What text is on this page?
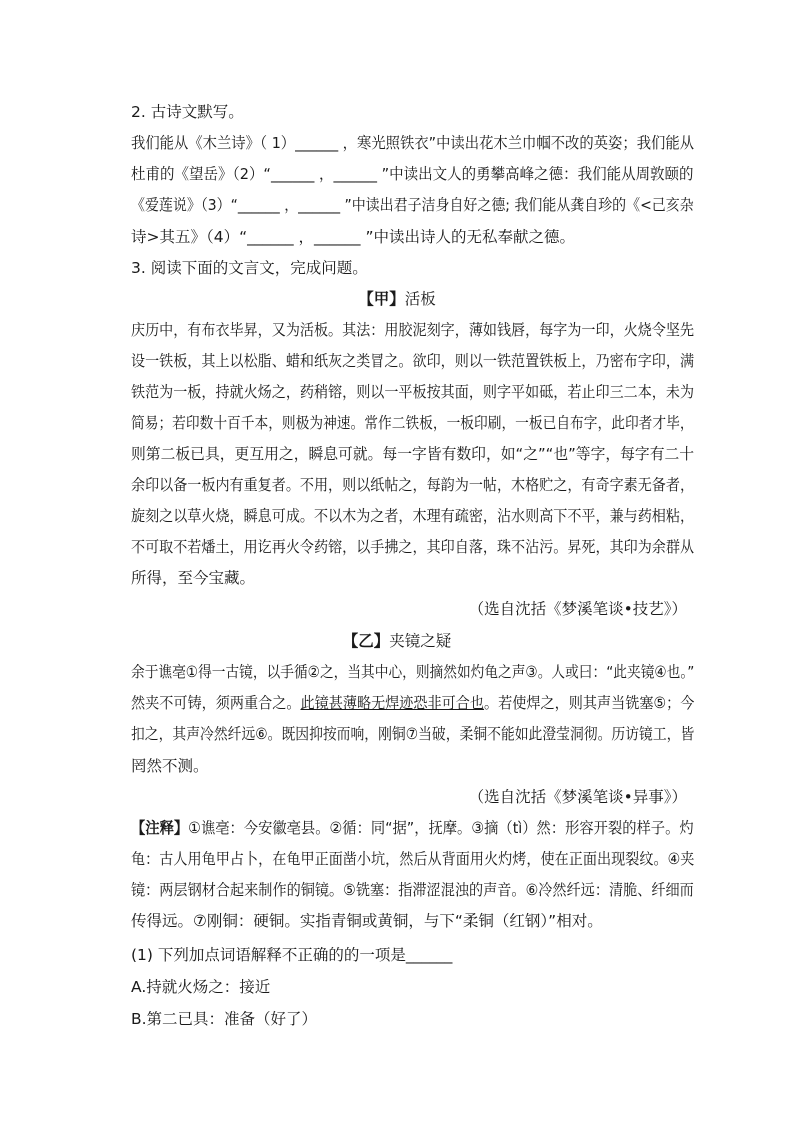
2. 古诗文默写。
我们能从《木兰诗》（ 1）______ ，寒光照铁衣”中读出花木兰巾帼不改的英姿；我们能从
杜甫的《望岳》（2）“______ ，______ ”中读出文人的勇攀高峰之德：我们能从周敦颐的
《爱莲说》（3）“______ ，______ ”中读出君子洁身自好之德; 我们能从龚自珍的《<己亥杂
诗>其五》（4）“______ ，______ ”中读出诗人的无私奉献之德。
3. 阅读下面的文言文，完成问题。
【甲】活板
庆历中，有布衣毕昇，又为活板。其法：用胶泥刻字，薄如钱唇，每字为一印，火烧令坚先
设一铁板，其上以松脂、蜡和纸灰之类冒之。欲印，则以一铁范置铁板上，乃密布字印，满
铁范为一板，持就火炀之，药稍镕，则以一平板按其面，则字平如砥，若止印三二本，未为
简易；若印数十百千本，则极为神速。常作二铁板，一板印刷，一板已自布字，此印者才毕，
则第二板已具，更互用之，瞬息可就。每一字皆有数印，如“之”“也”等字，每字有二十
余印以备一板内有重复者。不用，则以纸帖之，每韵为一帖，木格贮之，有奇字素无备者，
旋刻之以草火烧，瞬息可成。不以木为之者，木理有疏密，沾水则高下不平，兼与药相粘，
不可取不若燔土，用讫再火令药镕，以手拂之，其印自落，珠不沾污。昇死，其印为余群从
所得，至今宝藏。
（选自沈括《梦溪笔谈•技艺》）
【乙】夹镜之疑
余于谯亳①得一古镜，以手循②之，当其中心，则摘然如灼龟之声③。人或曰：“此夹镜④也。”
然夹不可铸，须两重合之。此镜甚薄略无焊迹恐非可合也。若使焊之，则其声当铣塞⑤；今
扣之，其声冷然纤远⑥。既因抑按而响，刚铜⑦当破，柔铜不能如此澄莹洞彻。历访镜工，皆
罔然不测。
（选自沈括《梦溪笔谈•异事》）
【注释】①谯亳：今安徽亳县。②循：同“据”，抚摩。③摘（tì）然：形容开裂的样子。灼
龟：古人用龟甲占卜，在龟甲正面凿小坑，然后从背面用火灼烤，使在正面出现裂纹。④夹
镜：两层钢材合起来制作的铜镜。⑤铣塞：指滞涩混浊的声音。⑥冷然纤远：清脆、纤细而
传得远。⑦刚铜：硬铜。实指青铜或黄铜，与下“柔铜（红钢）”相对。
(1) 下列加点词语解释不正确的的一项是______
A.持就火炀之：接近
B.第二已具：准备（好了）
